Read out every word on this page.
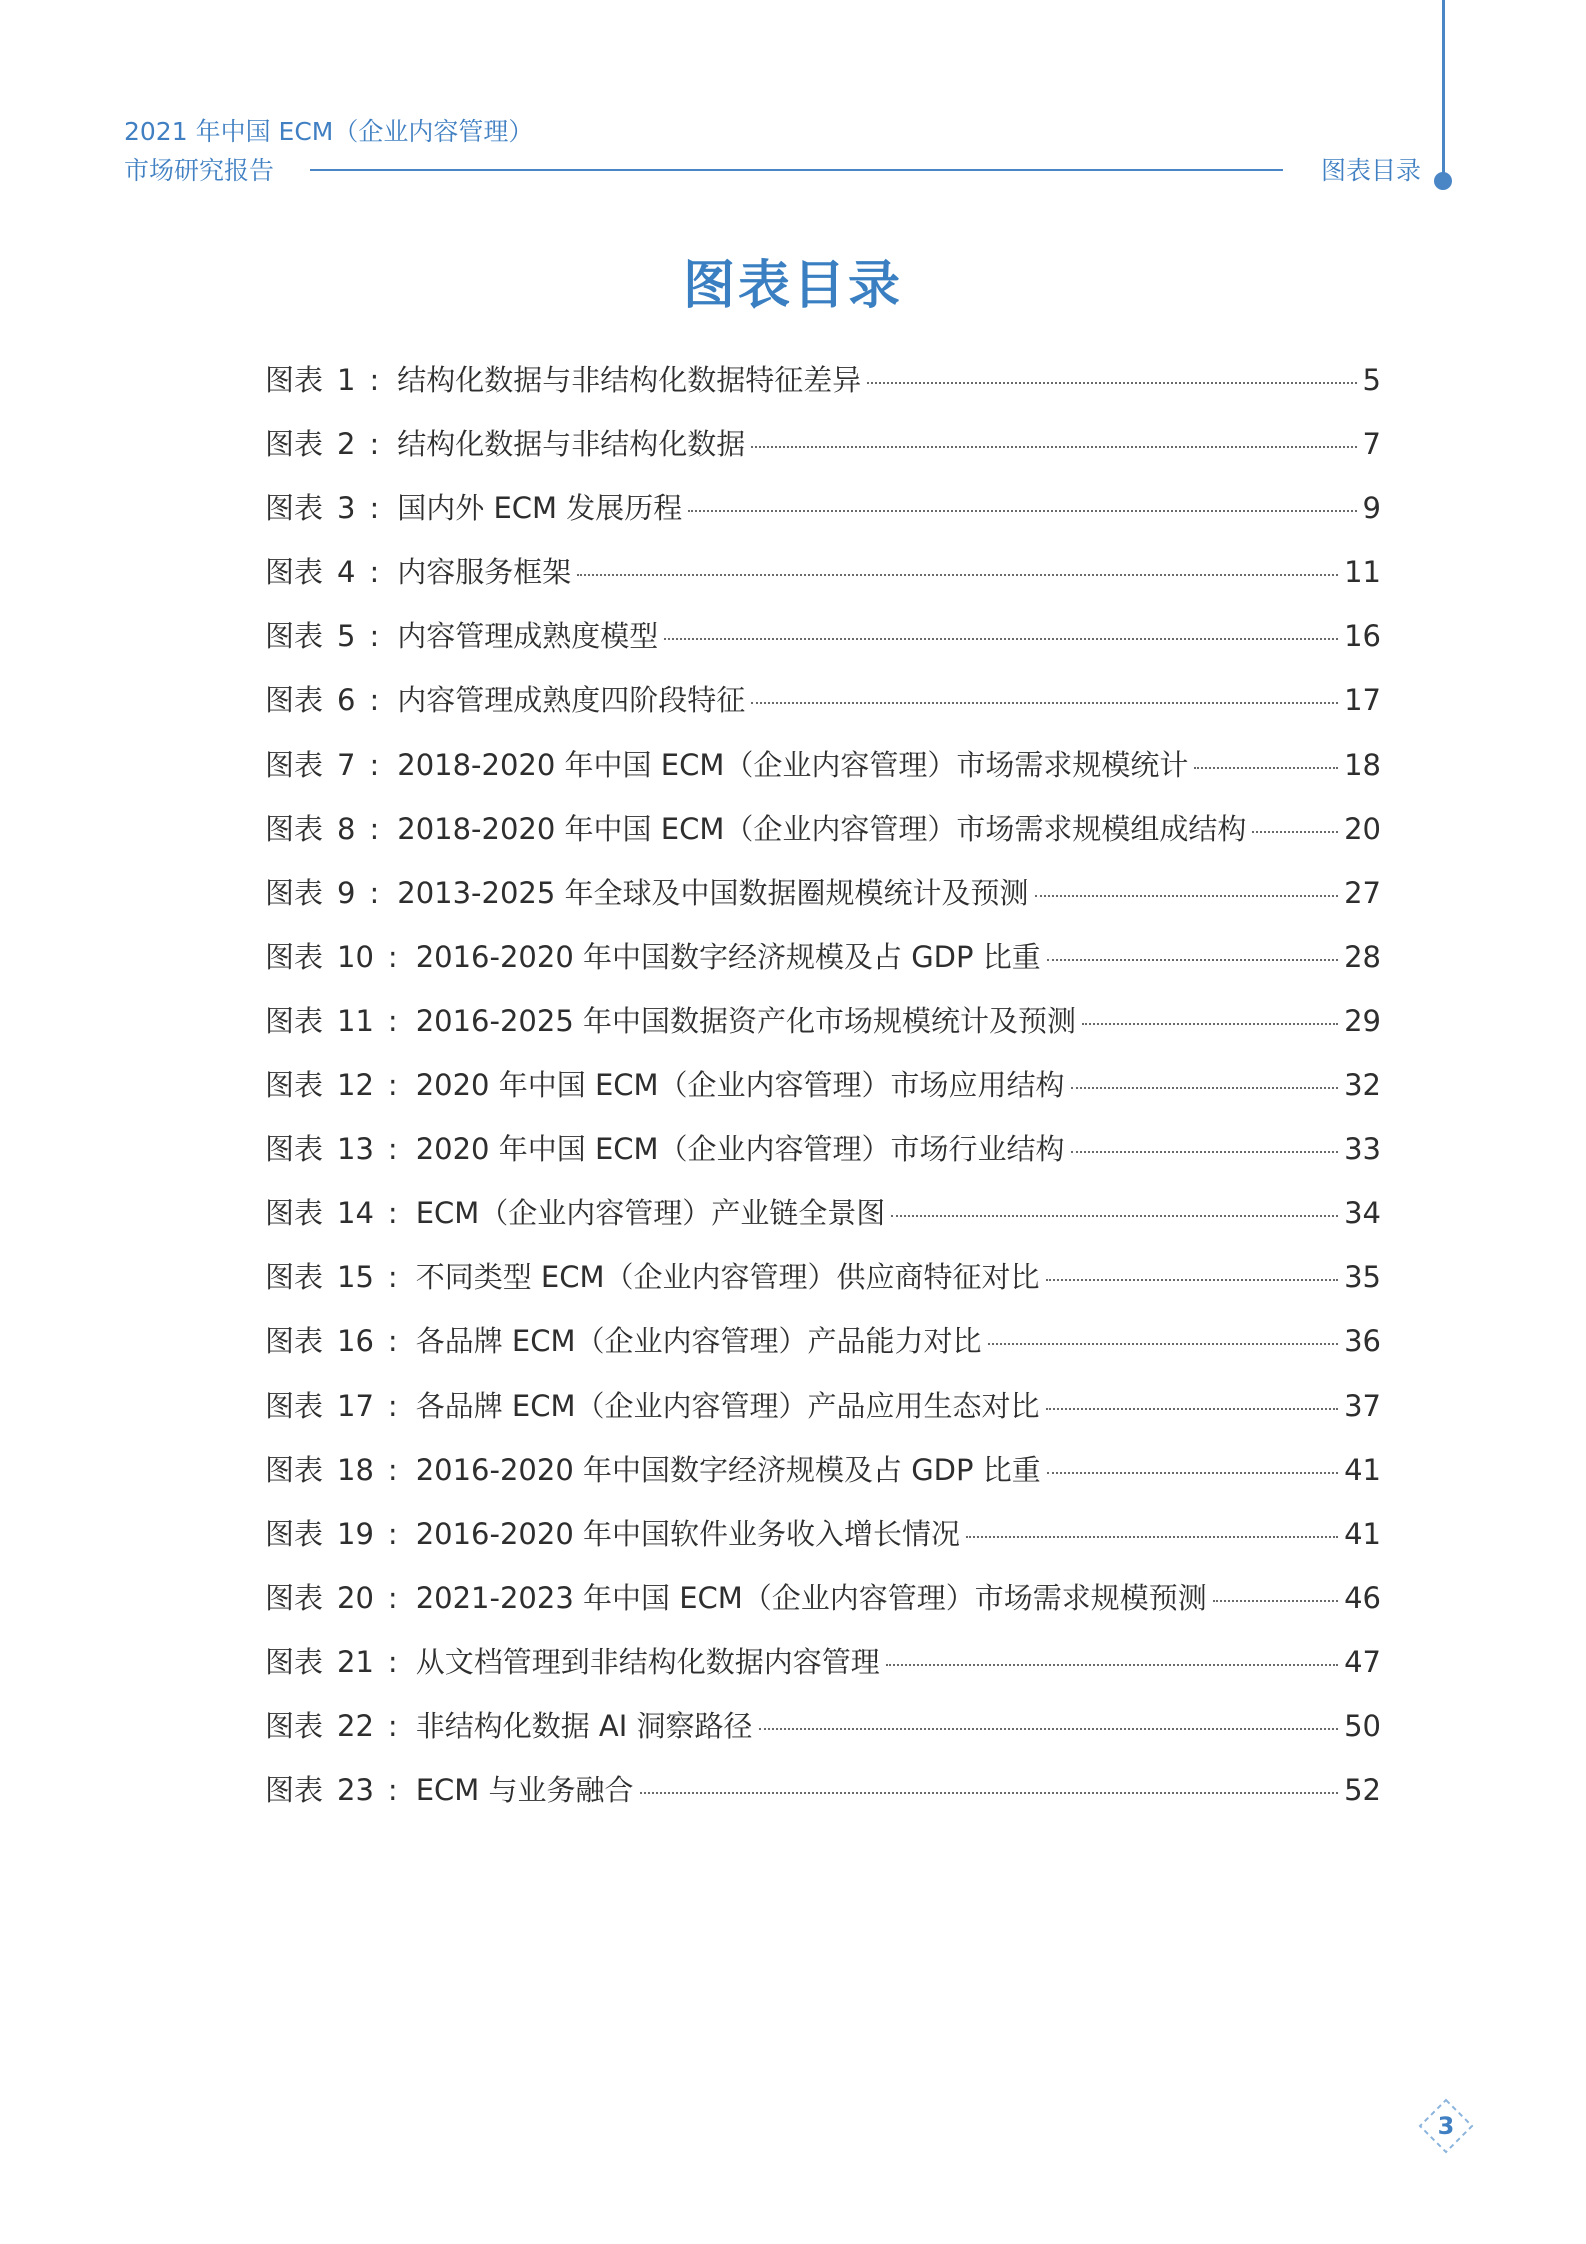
2021 年中国 ECM（企业内容管理）
市场研究报告	图表目录
图表目录
图表 1 : 结构化数据与非结构化数据特征差异	5
图表 2 : 结构化数据与非结构化数据	7
图表 3 : 国内外 ECM 发展历程	9
图表 4 : 内容服务框架	11
图表 5 : 内容管理成熟度模型	16
图表 6 : 内容管理成熟度四阶段特征	17
图表 7 : 2018-2020 年中国 ECM（企业内容管理）市场需求规模统计	18
图表 8 : 2018-2020 年中国 ECM（企业内容管理）市场需求规模组成结构	20
图表 9 : 2013-2025 年全球及中国数据圈规模统计及预测	27
图表 10 : 2016-2020 年中国数字经济规模及占 GDP 比重	28
图表 11 : 2016-2025 年中国数据资产化市场规模统计及预测	29
图表 12 : 2020 年中国 ECM（企业内容管理）市场应用结构	32
图表 13 : 2020 年中国 ECM（企业内容管理）市场行业结构	33
图表 14 : ECM（企业内容管理）产业链全景图	34
图表 15 : 不同类型 ECM（企业内容管理）供应商特征对比	35
图表 16 : 各品牌 ECM（企业内容管理）产品能力对比	36
图表 17 : 各品牌 ECM（企业内容管理）产品应用生态对比	37
图表 18 : 2016-2020 年中国数字经济规模及占 GDP 比重	41
图表 19 : 2016-2020 年中国软件业务收入增长情况	41
图表 20 : 2021-2023 年中国 ECM（企业内容管理）市场需求规模预测	46
图表 21 : 从文档管理到非结构化数据内容管理	47
图表 22 : 非结构化数据 AI 洞察路径	50
图表 23 : ECM 与业务融合	52
3
